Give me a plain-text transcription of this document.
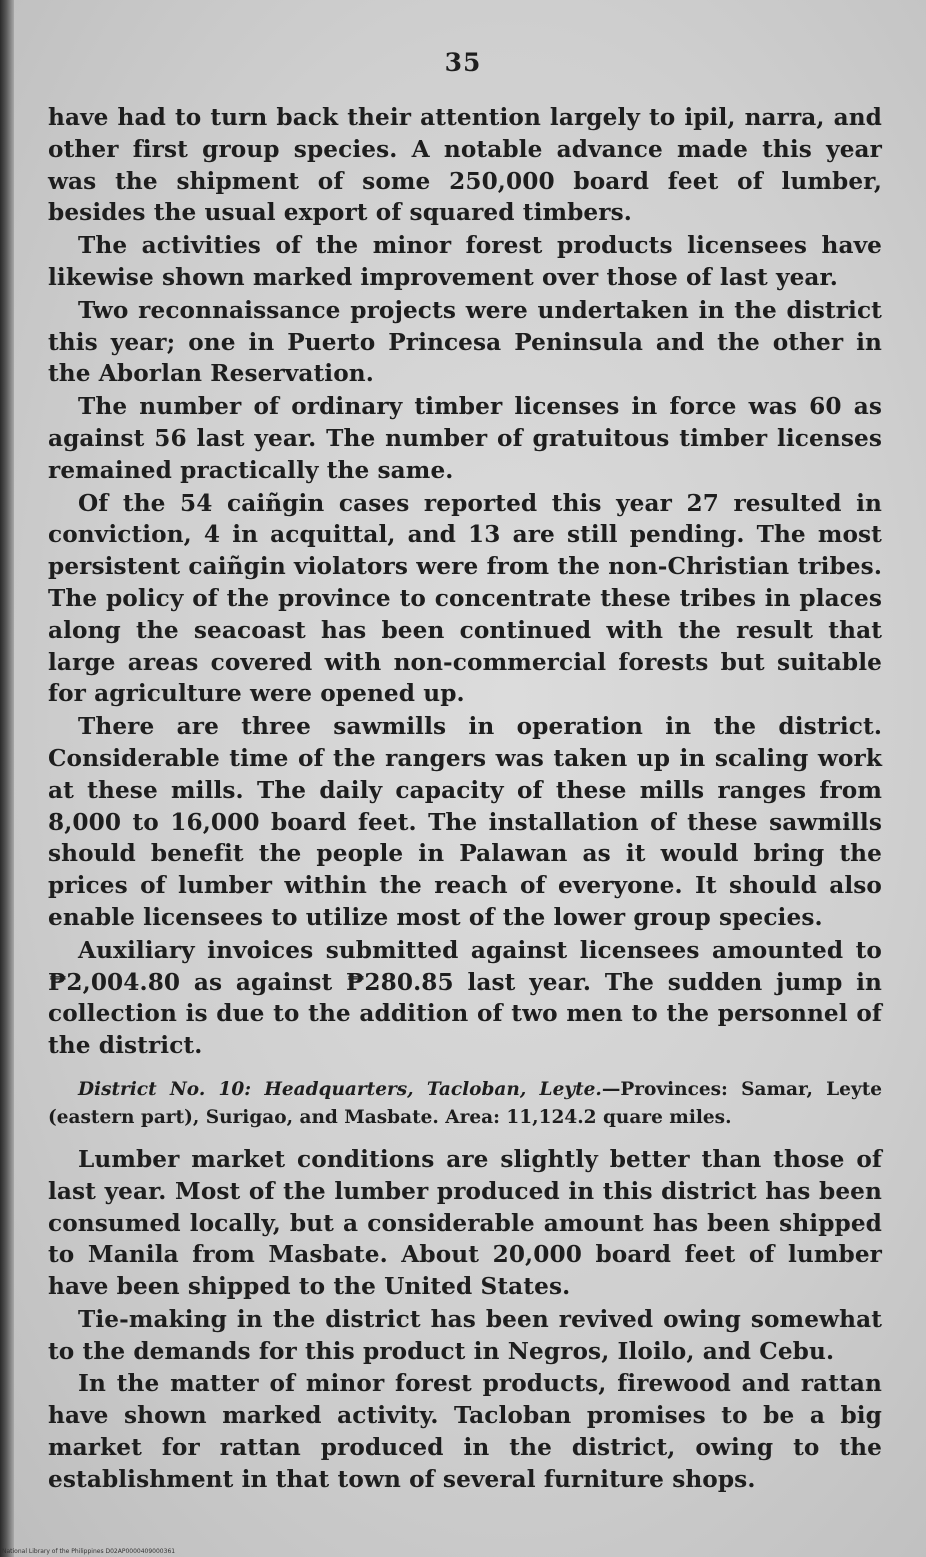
35

have had to turn back their attention largely to ipil, narra, and other first group species. A notable advance made this year was the shipment of some 250,000 board feet of lumber, besides the usual export of squared timbers.

The activities of the minor forest products licensees have likewise shown marked improvement over those of last year.

Two reconnaissance projects were undertaken in the district this year; one in Puerto Princesa Peninsula and the other in the Aborlan Reservation.

The number of ordinary timber licenses in force was 60 as against 56 last year. The number of gratuitous timber licenses remained practically the same.

Of the 54 caiñgin cases reported this year 27 resulted in conviction, 4 in acquittal, and 13 are still pending. The most persistent caiñgin violators were from the non-Christian tribes. The policy of the province to concentrate these tribes in places along the seacoast has been continued with the result that large areas covered with non-commercial forests but suitable for agriculture were opened up.

There are three sawmills in operation in the district. Considerable time of the rangers was taken up in scaling work at these mills. The daily capacity of these mills ranges from 8,000 to 16,000 board feet. The installation of these sawmills should benefit the people in Palawan as it would bring the prices of lumber within the reach of everyone. It should also enable licensees to utilize most of the lower group species.

Auxiliary invoices submitted against licensees amounted to ₱2,004.80 as against ₱280.85 last year. The sudden jump in collection is due to the addition of two men to the personnel of the district.

District No. 10: Headquarters, Tacloban, Leyte.—Provinces: Samar, Leyte (eastern part), Surigao, and Masbate. Area: 11,124.2 quare miles.

Lumber market conditions are slightly better than those of last year. Most of the lumber produced in this district has been consumed locally, but a considerable amount has been shipped to Manila from Masbate. About 20,000 board feet of lumber have been shipped to the United States.

Tie-making in the district has been revived owing somewhat to the demands for this product in Negros, Iloilo, and Cebu.

In the matter of minor forest products, firewood and rattan have shown marked activity. Tacloban promises to be a big market for rattan produced in the district, owing to the establishment in that town of several furniture shops.

National Library of the Philippines D02AP0000409000361
